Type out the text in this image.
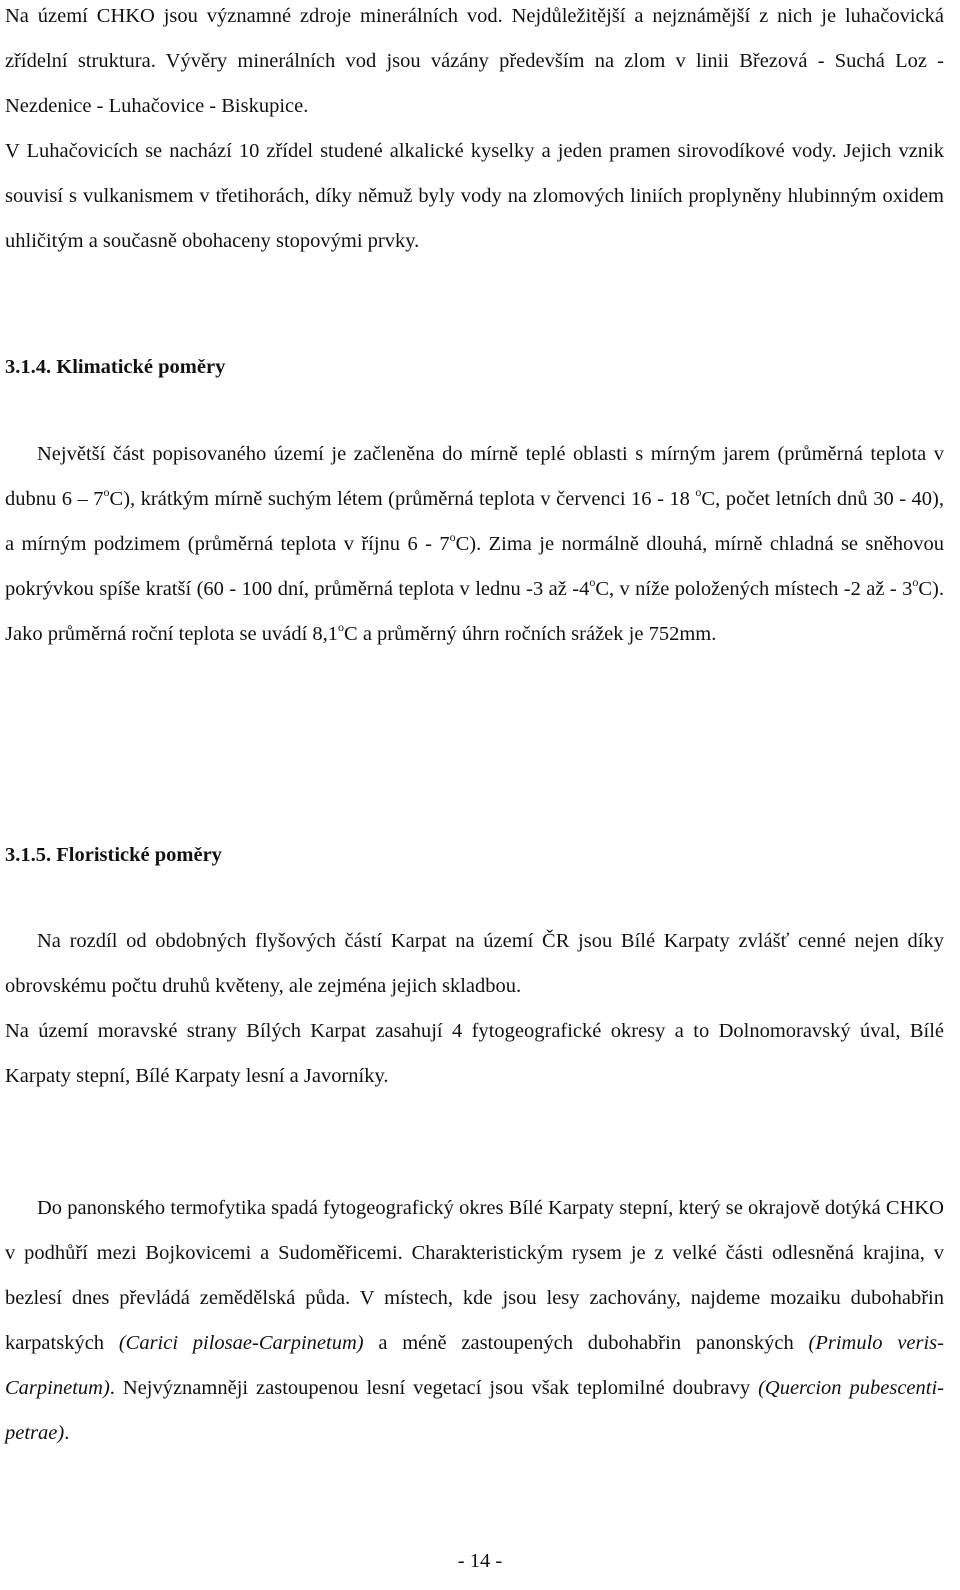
Na území CHKO jsou významné zdroje minerálních vod. Nejdůležitější a nejznámější z nich je luhačovická zřídelní struktura. Vývěry minerálních vod jsou vázány především na zlom v linii Březová - Suchá Loz - Nezdenice - Luhačovice - Biskupice.
V Luhačovicích se nachází 10 zřídel studené alkalické kyselky a jeden pramen sirovodíkové vody. Jejich vznik souvisí s vulkanismem v třetihorách, díky němuž byly vody na zlomových liniích proplyněny hlubinným oxidem uhličitým a současně obohaceny stopovými prvky.

3.1.4. Klimatické poměry

Největší část popisovaného území je začleněna do mírně teplé oblasti s mírným jarem (průměrná teplota v dubnu 6 – 7$^o$C), krátkým mírně suchým létem (průměrná teplota v červenci 16 - 18 $^o$C, počet letních dnů 30 - 40), a mírným podzimem (průměrná teplota v říjnu 6 - 7$^o$C). Zima je normálně dlouhá, mírně chladná se sněhovou pokrývkou spíše kratší (60 - 100 dní, průměrná teplota v lednu -3 až -4$^o$C, v níže položených místech -2 až - 3$^o$C). Jako průměrná roční teplota se uvádí 8,1$^o$C a průměrný úhrn ročních srážek je 752mm.

3.1.5. Floristické poměry

Na rozdíl od obdobných flyšových částí Karpat na území ČR jsou Bílé Karpaty zvlášť cenné nejen díky obrovskému počtu druhů květeny, ale zejména jejich skladbou.
Na území moravské strany Bílých Karpat zasahují 4 fytogeografické okresy a to Dolnomoravský úval, Bílé Karpaty stepní, Bílé Karpaty lesní a Javorníky.

Do panonského termofytika spadá fytogeografický okres Bílé Karpaty stepní, který se okrajově dotýká CHKO v podhůří mezi Bojkovicemi a Sudoměřicemi. Charakteristickým rysem je z velké části odlesněná krajina, v bezlesí dnes převládá zemědělská půda. V místech, kde jsou lesy zachovány, najdeme mozaiku dubohabřin karpatských (Carici pilosae-Carpinetum) a méně zastoupených dubohabřin panonských (Primulo veris-Carpinetum). Nejvýznamněji zastoupenou lesní vegetací jsou však teplomilné doubravy (Quercion pubescenti-petrae).

- 14 -
